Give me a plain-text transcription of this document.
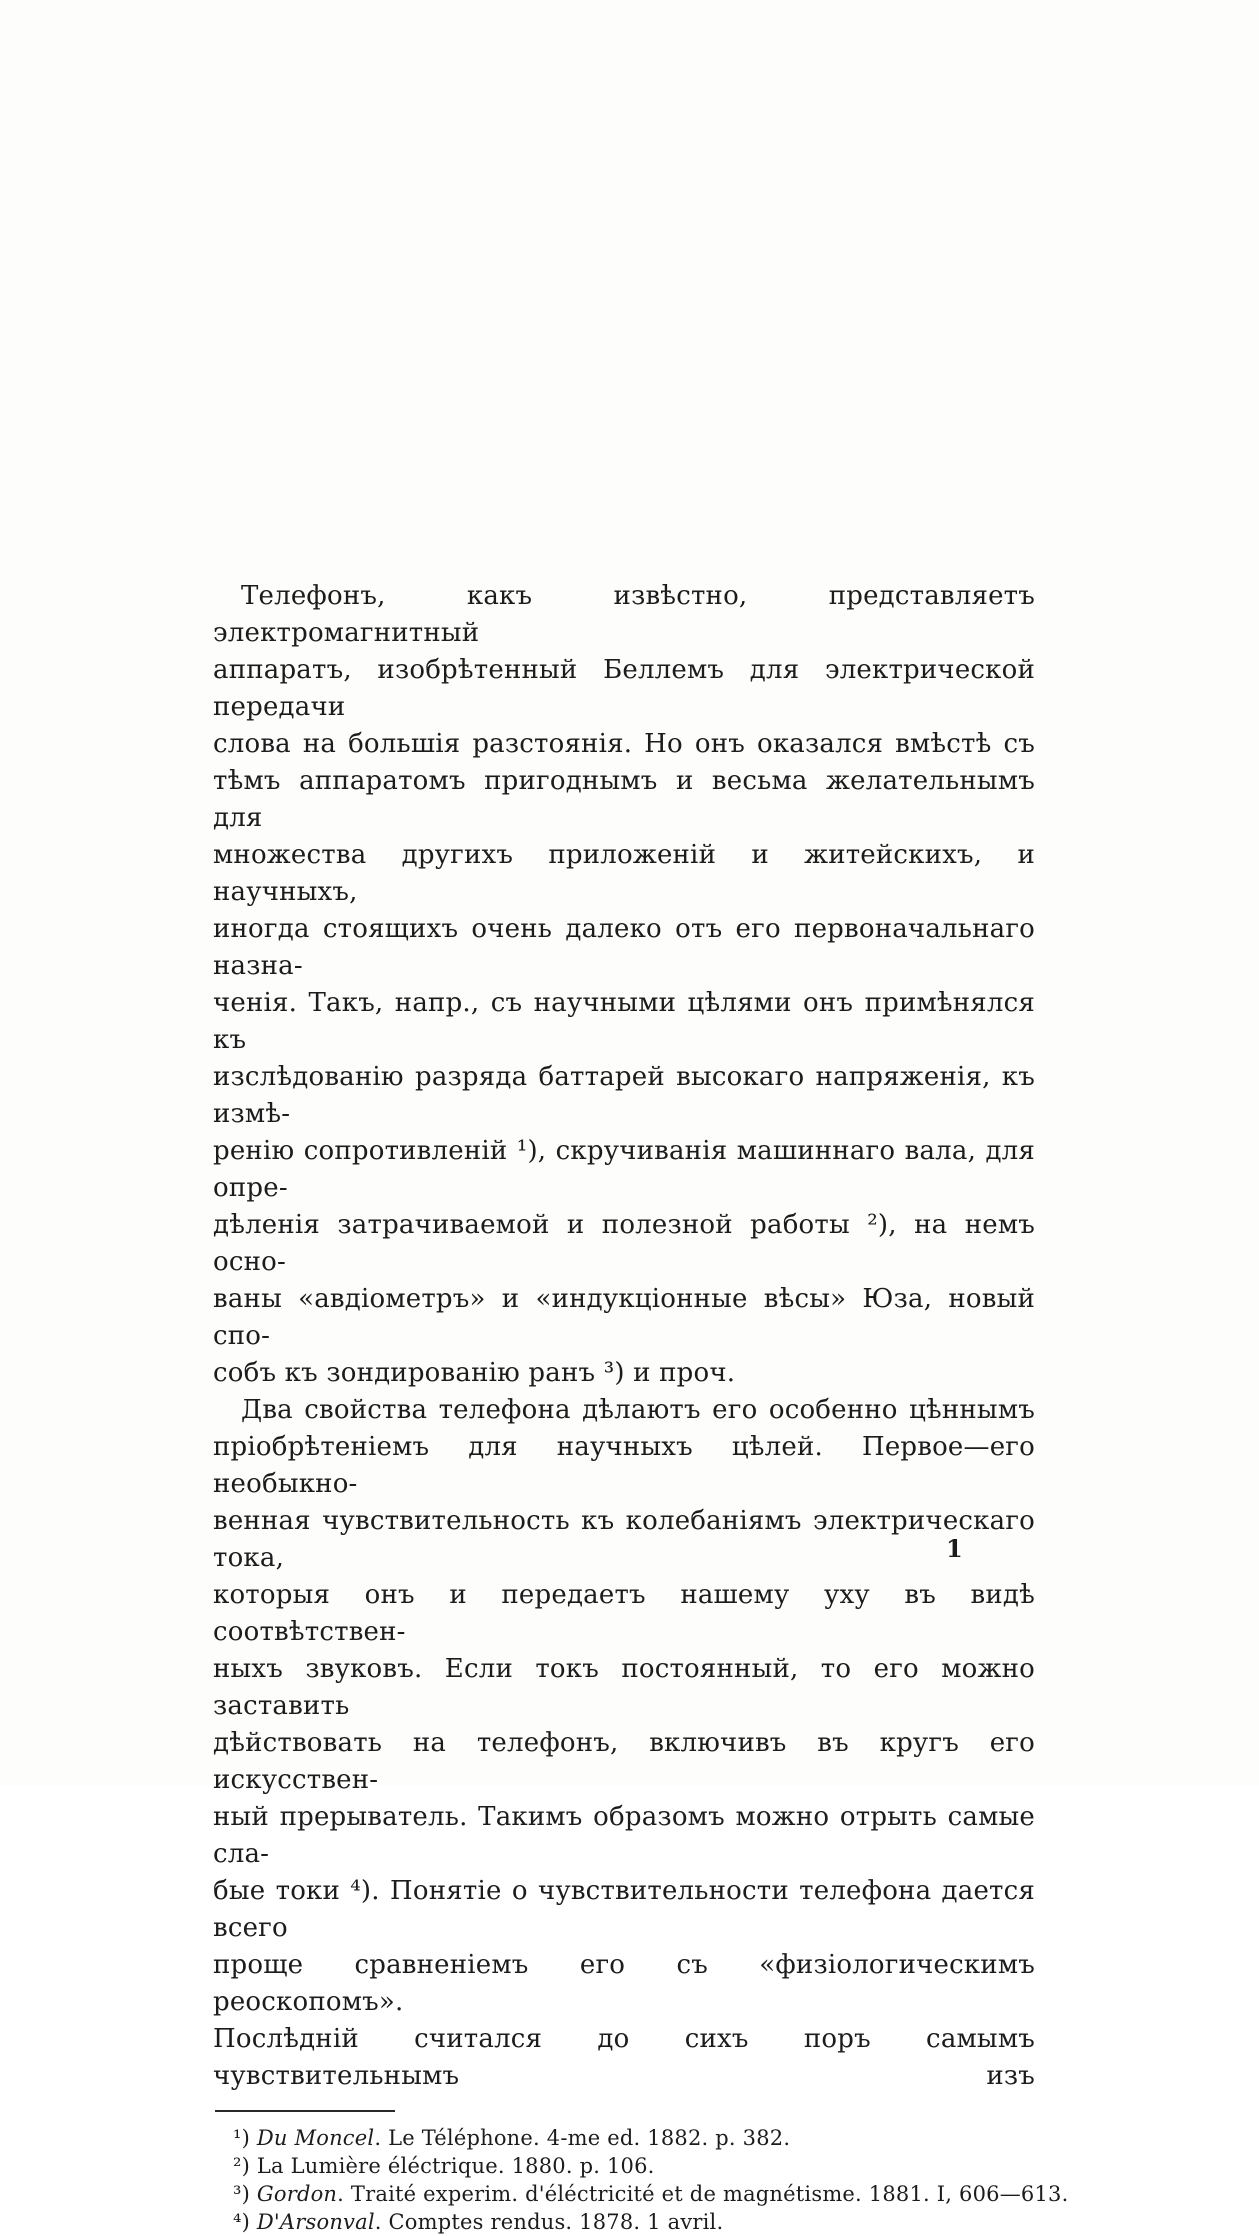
Телефонъ, какъ извѣстно, представляетъ электромагнитный
аппаратъ, изобрѣтенный Беллемъ для электрической передачи
слова на большія разстоянія. Но онъ оказался вмѣстѣ съ
тѣмъ аппаратомъ пригоднымъ и весьма желательнымъ для
множества другихъ приложеній и житейскихъ, и научныхъ,
иногда стоящихъ очень далеко отъ его первоначальнаго назна-
ченія. Такъ, напр., съ научными цѣлями онъ примѣнялся къ
изслѣдованію разряда баттарей высокаго напряженія, къ измѣ-
ренію сопротивленій ¹), скручиванія машиннаго вала, для опре-
дѣленія затрачиваемой и полезной работы ²), на немъ осно-
ваны «авдіометръ» и «индукціонные вѣсы» Юза, новый спо-
собъ къ зондированію ранъ ³) и проч.
Два свойства телефона дѣлаютъ его особенно цѣннымъ
пріобрѣтеніемъ для научныхъ цѣлей. Первое—его необыкно-
венная чувствительность къ колебаніямъ электрическаго тока,
которыя онъ и передаетъ нашему уху въ видѣ соотвѣтствен-
ныхъ звуковъ. Если токъ постоянный, то его можно заставить
дѣйствовать на телефонъ, включивъ въ кругъ его искусствен-
ный прерыватель. Такимъ образомъ можно отрыть самые сла-
бые токи ⁴). Понятіе о чувствительности телефона дается всего
проще сравненіемъ его съ «физіологическимъ реоскопомъ».
Послѣдній считался до сихъ поръ самымъ чувствительнымъ изъ
¹) Du Moncel. Le Téléphone. 4-me ed. 1882. p. 382.
²) La Lumière éléctrique. 1880. p. 106.
³) Gordon. Traité experim. d'éléctricité et de magnétisme. 1881. I, 606—613.
⁴) D'Arsonval. Comptes rendus. 1878. 1 avril.
1
